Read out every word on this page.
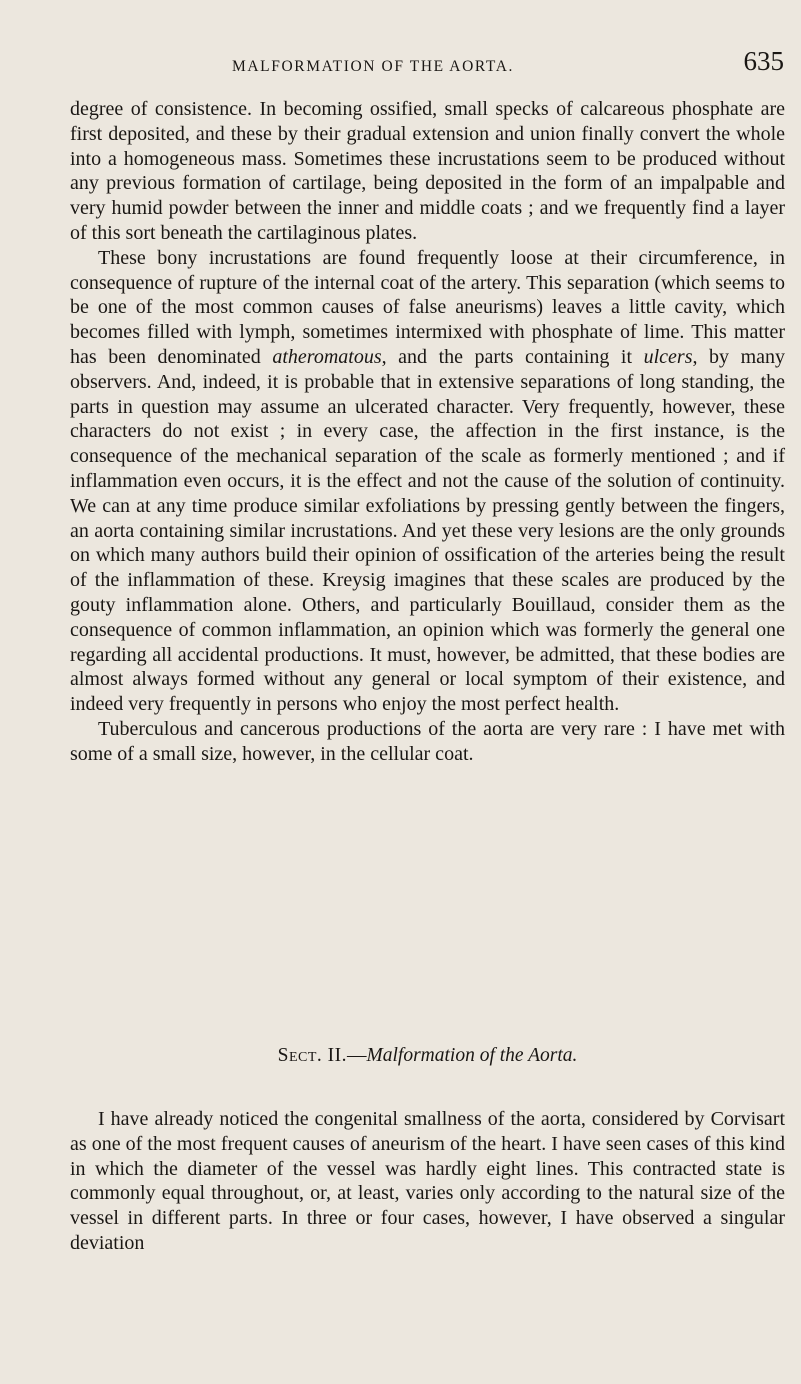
MALFORMATION OF THE AORTA.	635

degree of consistence. In becoming ossified, small specks of calcareous phosphate are first deposited, and these by their gradual extension and union finally convert the whole into a homogeneous mass. Sometimes these incrustations seem to be produced without any previous formation of cartilage, being deposited in the form of an impalpable and very humid powder between the inner and middle coats ; and we frequently find a layer of this sort beneath the cartilaginous plates.

These bony incrustations are found frequently loose at their circumference, in consequence of rupture of the internal coat of the artery. This separation (which seems to be one of the most common causes of false aneurisms) leaves a little cavity, which becomes filled with lymph, sometimes intermixed with phosphate of lime. This matter has been denominated atheromatous, and the parts containing it ulcers, by many observers. And, indeed, it is probable that in extensive separations of long standing, the parts in question may assume an ulcerated character. Very frequently, however, these characters do not exist ; in every case, the affection in the first instance, is the consequence of the mechanical separation of the scale as formerly mentioned ; and if inflammation even occurs, it is the effect and not the cause of the solution of continuity. We can at any time produce similar exfoliations by pressing gently between the fingers, an aorta containing similar incrustations. And yet these very lesions are the only grounds on which many authors build their opinion of ossification of the arteries being the result of the inflammation of these. Kreysig imagines that these scales are produced by the gouty inflammation alone. Others, and particularly Bouillaud, consider them as the consequence of common inflammation, an opinion which was formerly the general one regarding all accidental productions. It must, however, be admitted, that these bodies are almost always formed without any general or local symptom of their existence, and indeed very frequently in persons who enjoy the most perfect health.

Tuberculous and cancerous productions of the aorta are very rare : I have met with some of a small size, however, in the cellular coat.

Sect. II.—Malformation of the Aorta.

I have already noticed the congenital smallness of the aorta, considered by Corvisart as one of the most frequent causes of aneurism of the heart. I have seen cases of this kind in which the diameter of the vessel was hardly eight lines. This contracted state is commonly equal throughout, or, at least, varies only according to the natural size of the vessel in different parts. In three or four cases, however, I have observed a singular deviation
